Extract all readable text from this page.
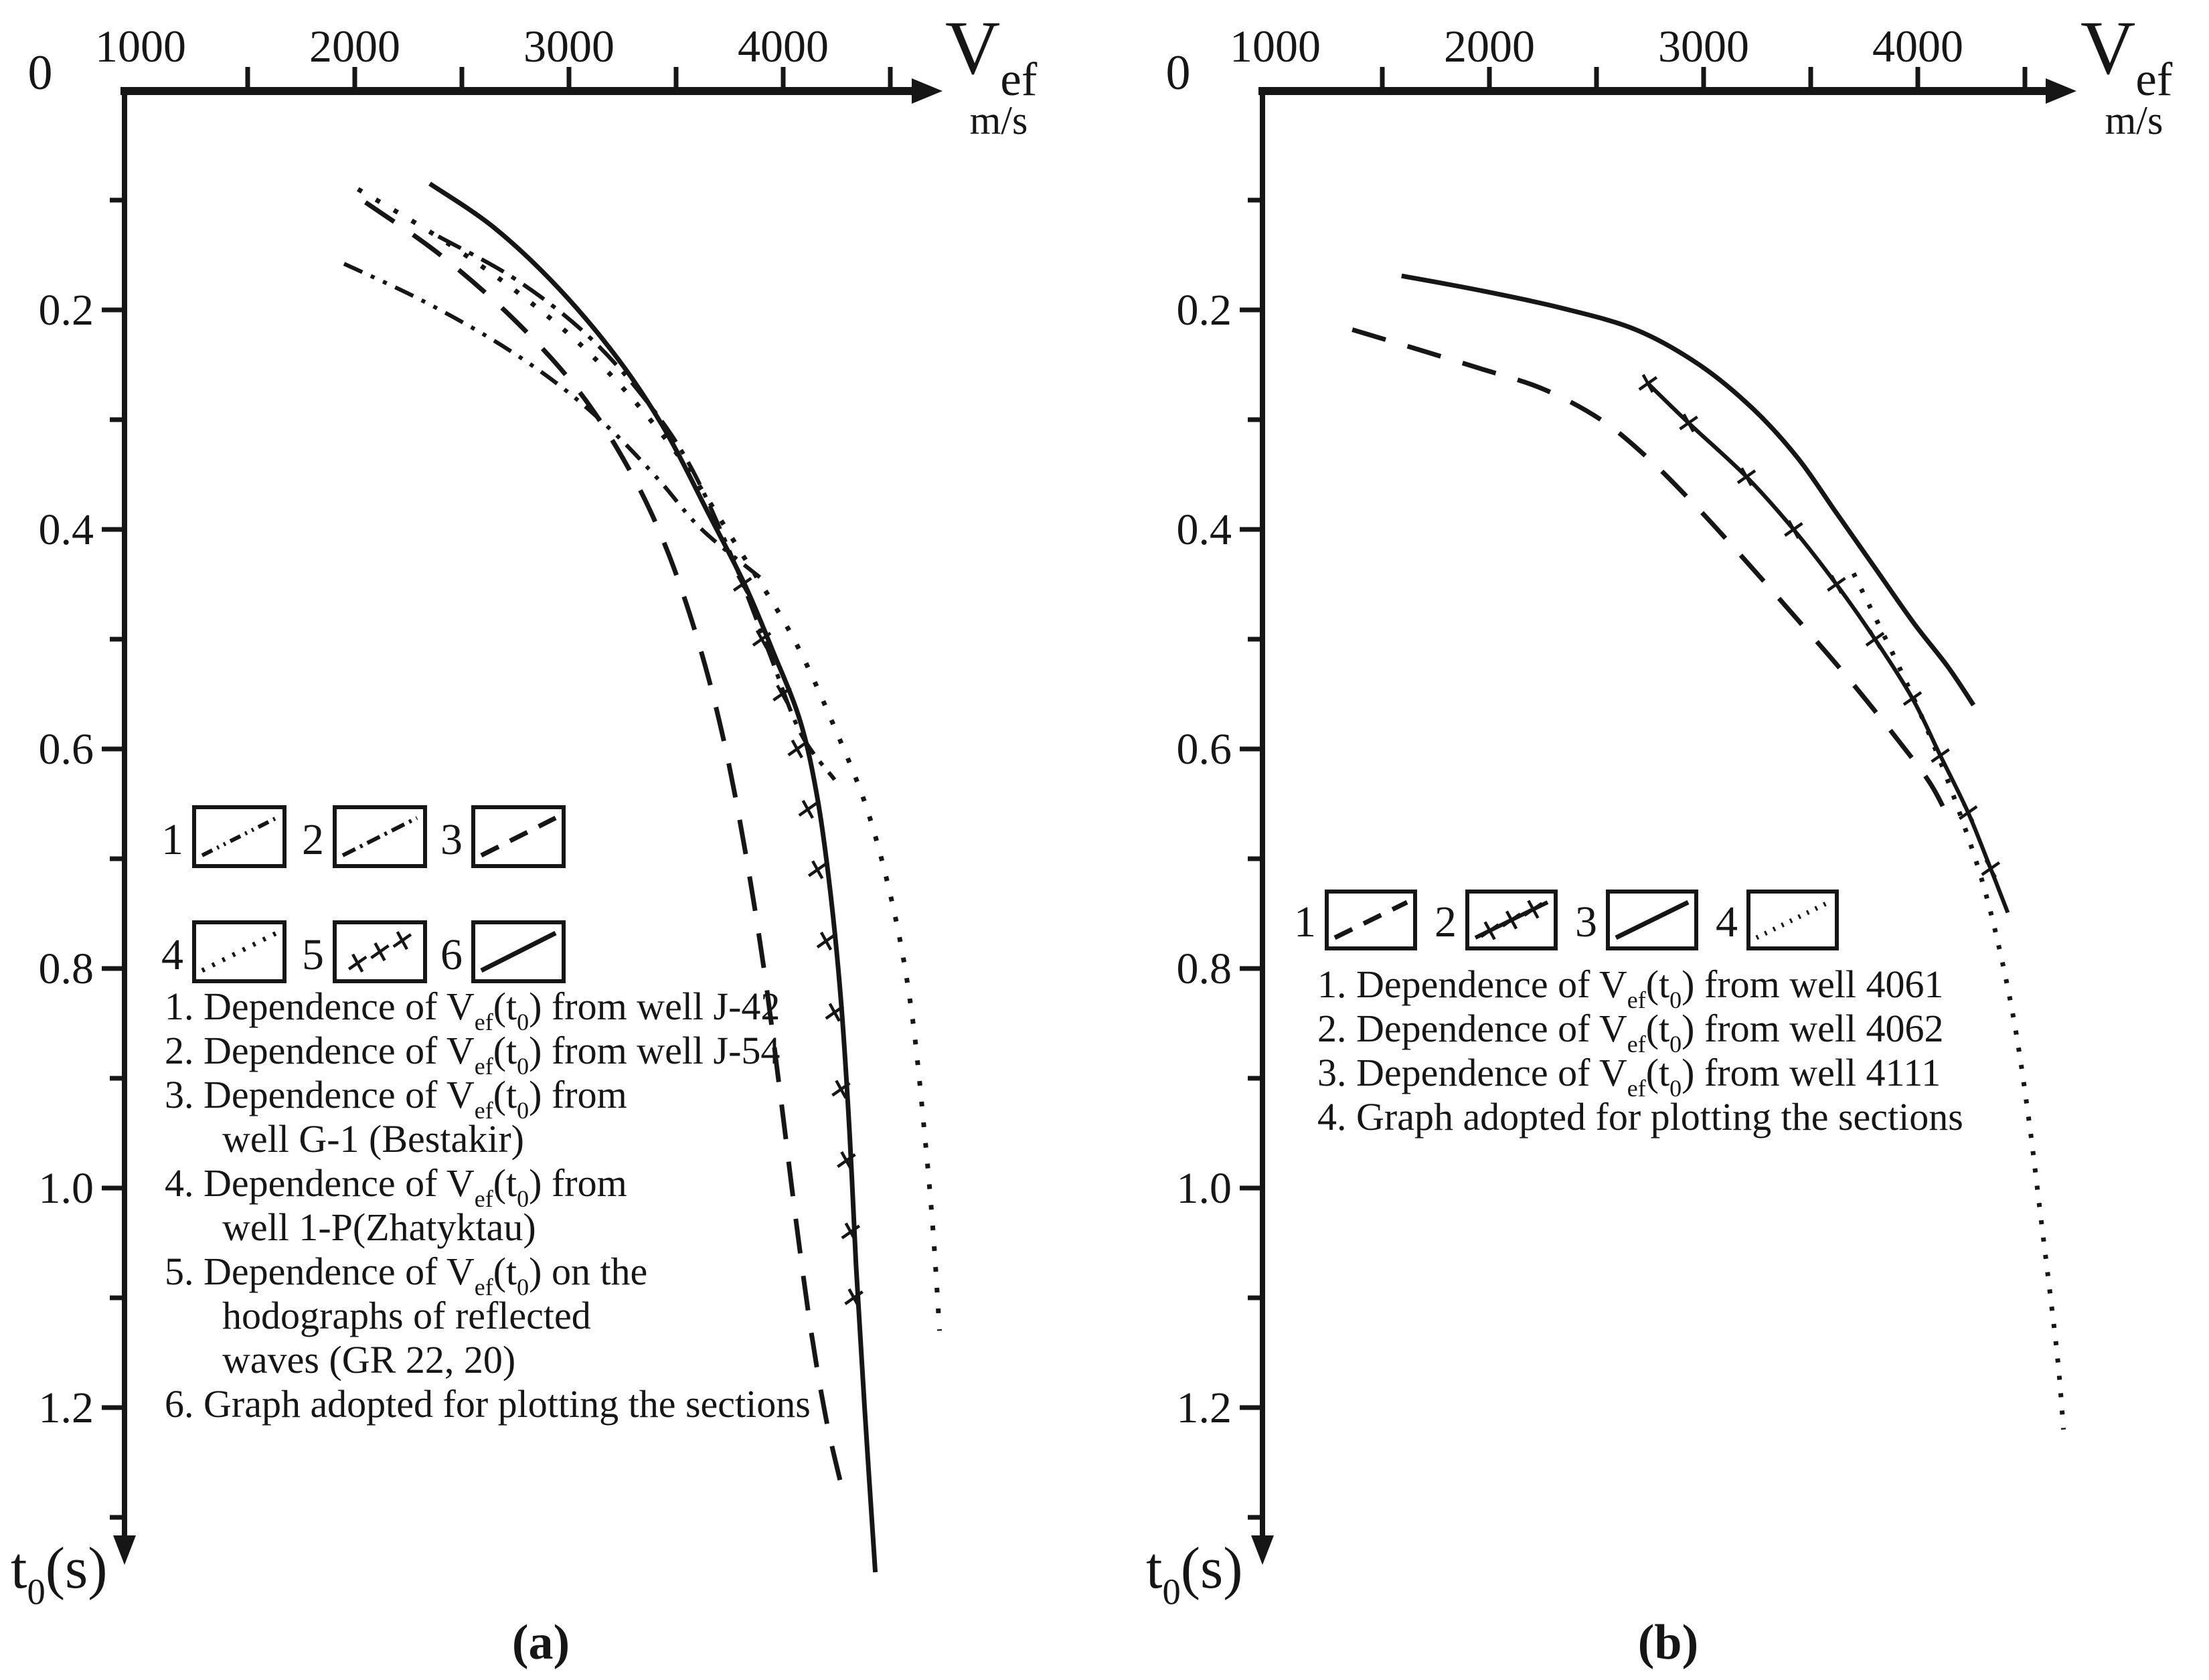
1000	2000	3000	4000
0	$V_{ef}$
m/s
0.2
0.4
0.6
0.8
1.0
1.2
$t_0(s)$
1	2	3
4	5	6
1. Dependence of $V_{ef}(t_0)$ from well J-42
2. Dependence of $V_{ef}(t_0)$ from well J-54
3. Dependence of $V_{ef}(t_0)$ from
well G-1 (Bestakir)
4. Dependence of $V_{ef}(t_0)$ from
well 1-P(Zhatyktau)
5. Dependence of $V_{ef}(t_0)$ on the
hodographs of reflected
waves (GR 22, 20)
6. Graph adopted for plotting the sections
(a)
1000	2000	3000	4000
0	$V_{ef}$
m/s
0.2
0.4
0.6
0.8
1.0
1.2
$t_0(s)$
1	2	3	4
1. Dependence of $V_{ef}(t_0)$ from well 4061
2. Dependence of $V_{ef}(t_0)$ from well 4062
3. Dependence of $V_{ef}(t_0)$ from well 4111
4. Graph adopted for plotting the sections
(b)
